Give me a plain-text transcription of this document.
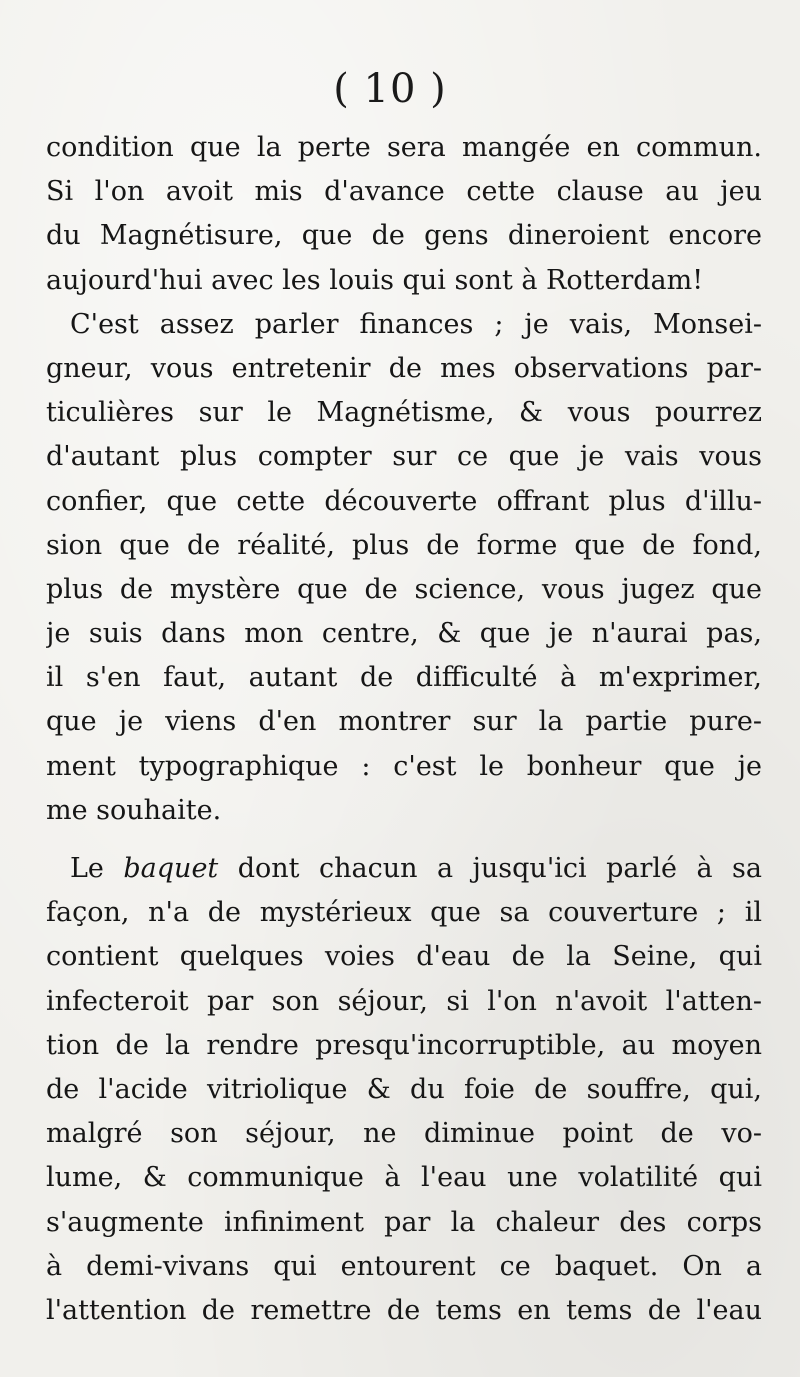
( 10 )
condition que la perte sera mangée en commun.
Si l'on avoit mis d'avance cette clause au jeu
du Magnétisure, que de gens dineroient encore
aujourd'hui avec les louis qui sont à Rotterdam!
C'est assez parler finances ; je vais, Monsei-
gneur, vous entretenir de mes observations par-
ticulières sur le Magnétisme, & vous pourrez
d'autant plus compter sur ce que je vais vous
confier, que cette découverte offrant plus d'illu-
sion que de réalité, plus de forme que de fond,
plus de mystère que de science, vous jugez que
je suis dans mon centre, & que je n'aurai pas,
il s'en faut, autant de difficulté à m'exprimer,
que je viens d'en montrer sur la partie pure-
ment typographique : c'est le bonheur que je
me souhaite.
Le baquet dont chacun a jusqu'ici parlé à sa
façon, n'a de mystérieux que sa couverture ; il
contient quelques voies d'eau de la Seine, qui
infecteroit par son séjour, si l'on n'avoit l'atten-
tion de la rendre presqu'incorruptible, au moyen
de l'acide vitriolique & du foie de souffre, qui,
malgré son séjour, ne diminue point de vo-
lume, & communique à l'eau une volatilité qui
s'augmente infiniment par la chaleur des corps
à demi-vivans qui entourent ce baquet. On a
l'attention de remettre de tems en tems de l'eau
